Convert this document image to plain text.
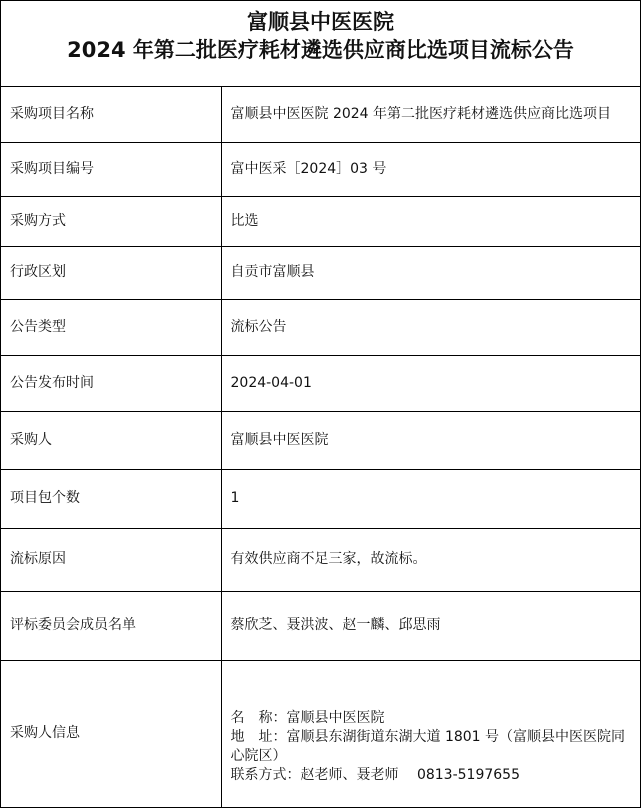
富顺县中医医院
2024 年第二批医疗耗材遴选供应商比选项目流标公告
采购项目名称	富顺县中医医院 2024 年第二批医疗耗材遴选供应商比选项目
采购项目编号	富中医采［2024］03 号
采购方式	比选
行政区划	自贡市富顺县
公告类型	流标公告
公告发布时间	2024-04-01
采购人	富顺县中医医院
项目包个数	1
流标原因	有效供应商不足三家，故流标。
评标委员会成员名单	蔡欣芝、聂洪波、赵一麟、邱思雨
采购人信息	名　称：富顺县中医医院
地　址：富顺县东湖街道东湖大道 1801 号（富顺县中医医院同心院区）
联系方式：赵老师、聂老师　 0813-5197655
